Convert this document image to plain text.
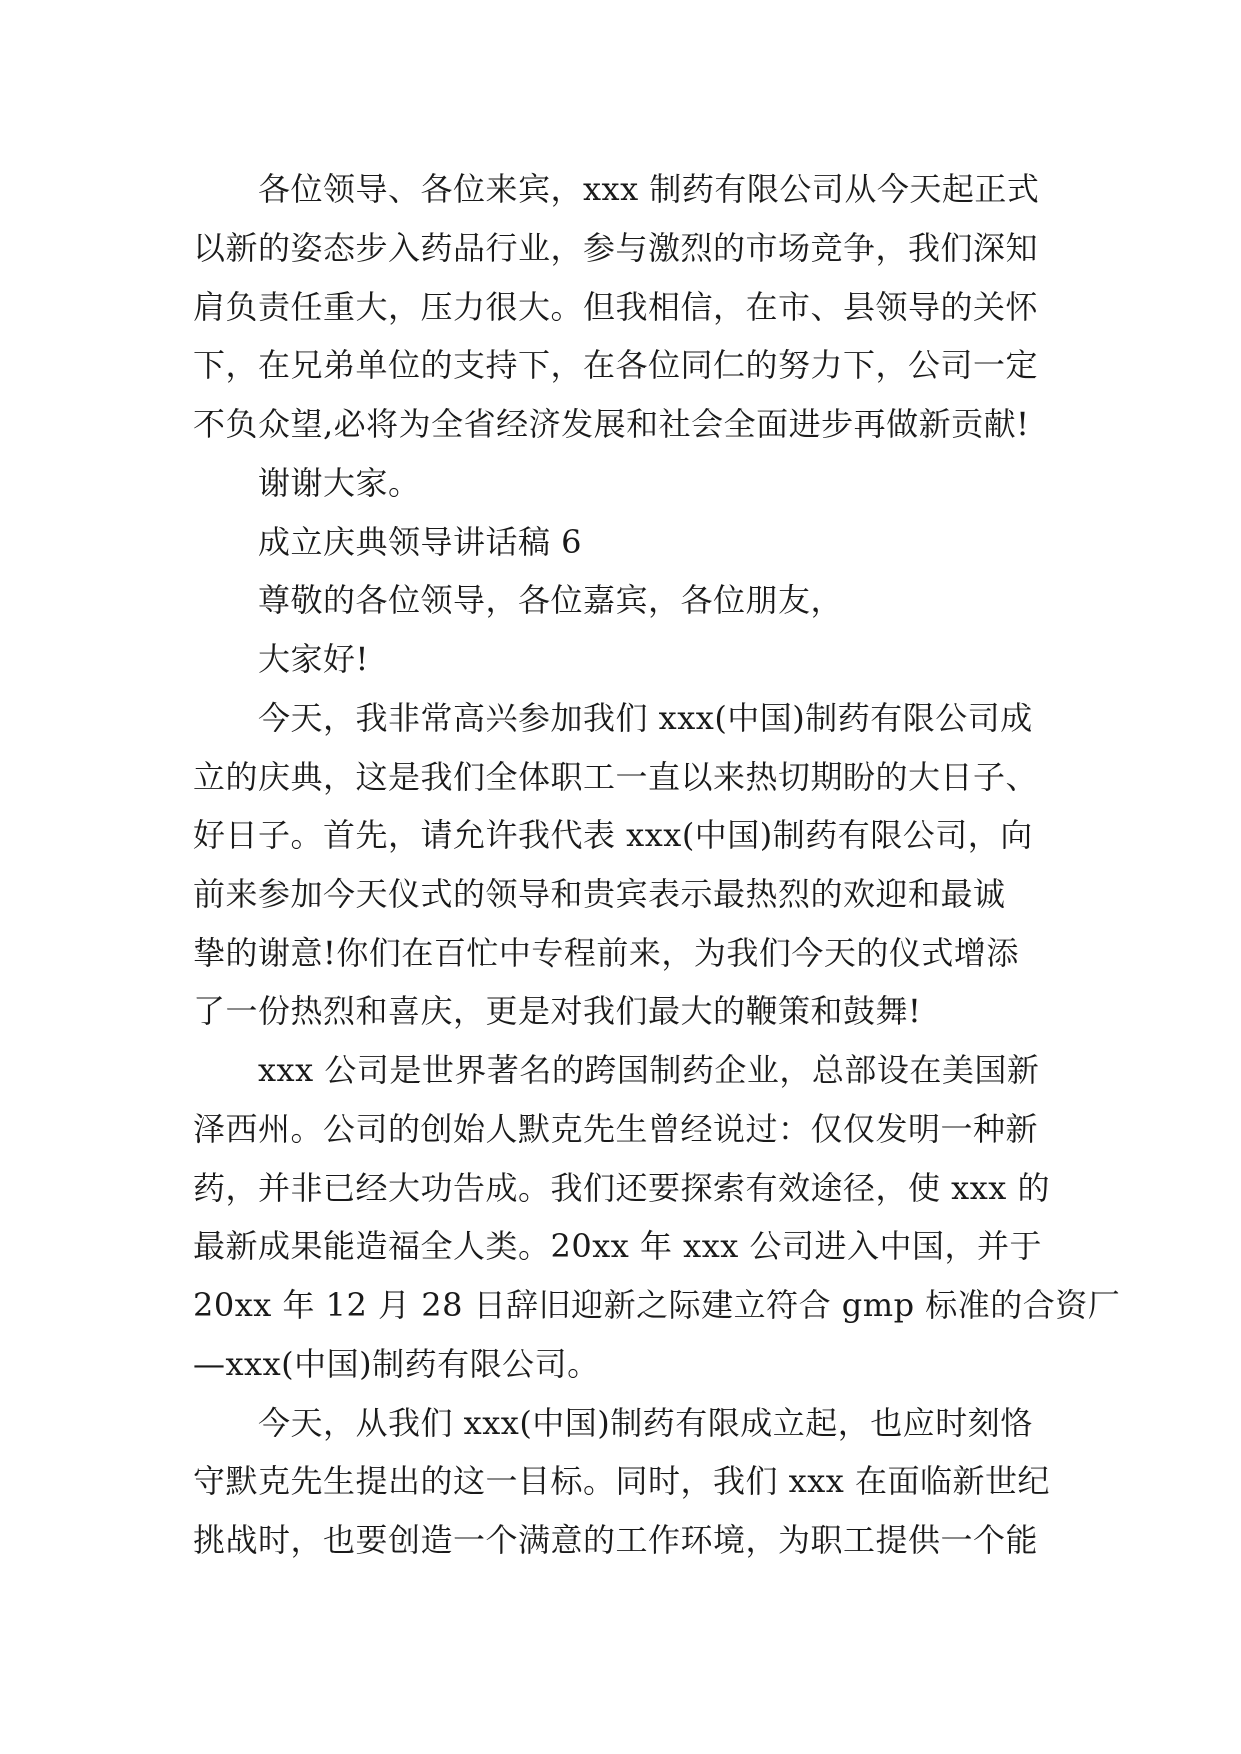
各位领导、各位来宾，xxx 制药有限公司从今天起正式

以新的姿态步入药品行业，参与激烈的市场竞争，我们深知

肩负责任重大，压力很大。但我相信，在市、县领导的关怀

下，在兄弟单位的支持下，在各位同仁的努力下，公司一定

不负众望,必将为全省经济发展和社会全面进步再做新贡献!

谢谢大家。

成立庆典领导讲话稿 6

尊敬的各位领导，各位嘉宾，各位朋友，

大家好!

今天，我非常高兴参加我们 xxx(中国)制药有限公司成

立的庆典，这是我们全体职工一直以来热切期盼的大日子、

好日子。首先，请允许我代表 xxx(中国)制药有限公司，向

前来参加今天仪式的领导和贵宾表示最热烈的欢迎和最诚

挚的谢意!你们在百忙中专程前来，为我们今天的仪式增添

了一份热烈和喜庆，更是对我们最大的鞭策和鼓舞!

xxx 公司是世界著名的跨国制药企业，总部设在美国新

泽西州。公司的创始人默克先生曾经说过：仅仅发明一种新

药，并非已经大功告成。我们还要探索有效途径，使 xxx 的

最新成果能造福全人类。20xx 年 xxx 公司进入中国，并于

20xx 年 12 月 28 日辞旧迎新之际建立符合 gmp 标准的合资厂

—xxx(中国)制药有限公司。

今天，从我们 xxx(中国)制药有限成立起，也应时刻恪

守默克先生提出的这一目标。同时，我们 xxx 在面临新世纪

挑战时，也要创造一个满意的工作环境，为职工提供一个能
